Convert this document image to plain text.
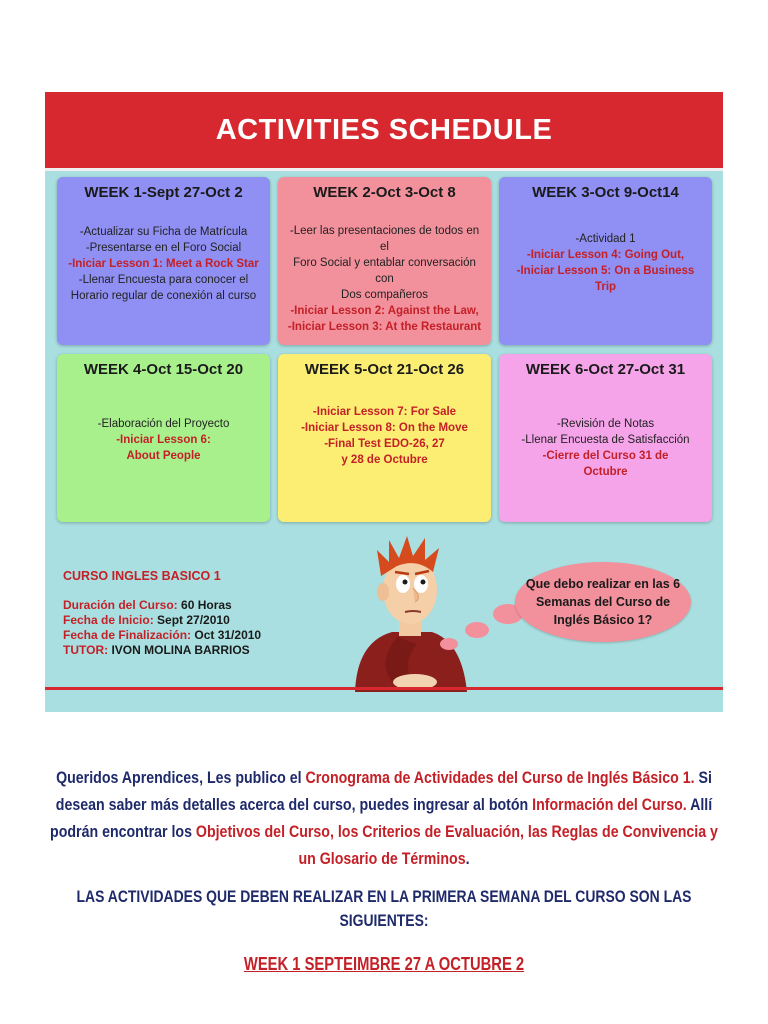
ACTIVITIES SCHEDULE
WEEK 1-Sept 27-Oct 2
-Actualizar su Ficha de Matrícula
-Presentarse en el Foro Social
-Iniciar Lesson 1: Meet a Rock Star
-Llenar Encuesta para conocer el
Horario regular de conexión al curso
WEEK 2-Oct 3-Oct 8
-Leer las presentaciones de todos en el
Foro Social y entablar conversación con
Dos compañeros
-Iniciar Lesson 2: Against the Law,
-Iniciar Lesson 3: At the Restaurant
WEEK 3-Oct 9-Oct14
-Actividad 1
-Iniciar Lesson 4: Going Out,
-Iniciar Lesson 5: On a Business Trip
WEEK 4-Oct 15-Oct 20
-Elaboración del Proyecto
-Iniciar Lesson 6:
About People
WEEK 5-Oct 21-Oct 26
-Iniciar Lesson 7: For Sale
-Iniciar Lesson 8: On the Move
-Final Test EDO-26, 27
y 28 de Octubre
WEEK 6-Oct 27-Oct 31
-Revisión de Notas
-Llenar Encuesta de Satisfacción
-Cierre del Curso 31 de
Octubre
CURSO INGLES BASICO 1
Duración del Curso: 60 Horas
Fecha de Inicio: Sept 27/2010
Fecha de Finalización: Oct 31/2010
TUTOR: IVON MOLINA BARRIOS
Que debo realizar en las 6 Semanas del Curso de Inglés Básico 1?
Queridos Aprendices, Les publico el Cronograma de Actividades del Curso de Inglés Básico 1. Si desean saber más detalles acerca del curso, puedes ingresar al botón Información del Curso. Allí podrán encontrar los Objetivos del Curso, los Criterios de Evaluación, las Reglas de Convivencia y un Glosario de Términos.
LAS ACTIVIDADES QUE DEBEN REALIZAR EN LA PRIMERA SEMANA DEL CURSO SON LAS SIGUIENTES:
WEEK 1 SEPTEIMBRE 27 A OCTUBRE 2
